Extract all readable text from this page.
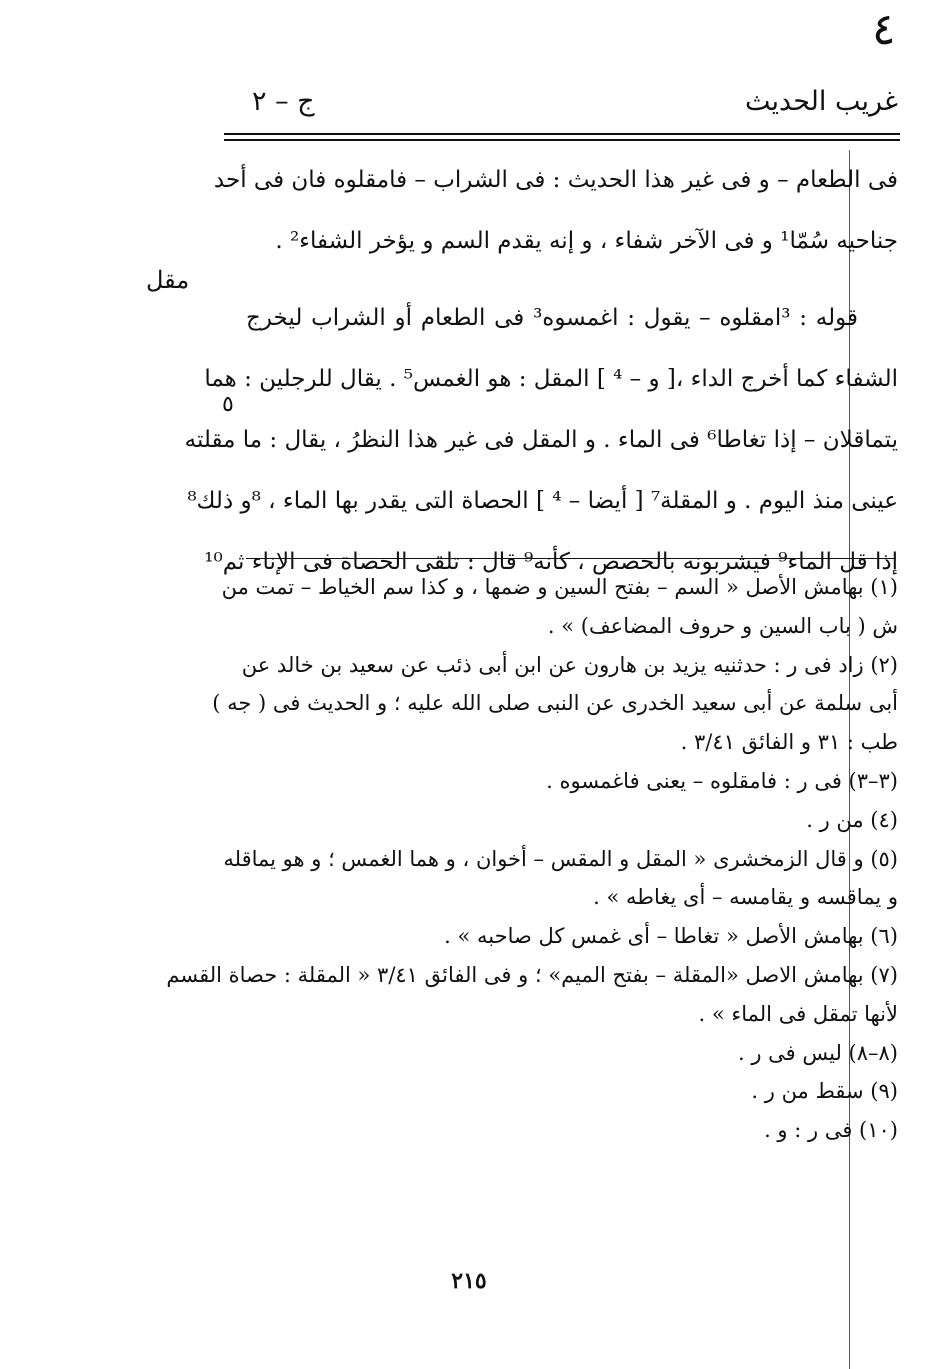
٤
غريب الحديث
ج – ٢
مقل
٥
فى الطعام – و فى غير هذا الحديث : فى الشراب – فامقلوه فان فى أحد
جناحيه سُمّا¹ و فى الآخر شفاء ، و إنه يقدم السم و يؤخر الشفاء² .
قوله : ³امقلوه – يقول : اغمسوه³ فى الطعام أو الشراب ليخرج
الشفاء كما أخرج الداء ،[ و – ⁴ ] المقل : هو الغمس⁵ . يقال للرجلين : هما
يتماقلان – إذا تغاطا⁶ فى الماء . و المقل فى غير هذا النظرُ ، يقال : ما مقلته
عينى منذ اليوم . و المقلة⁷ [ أيضا – ⁴ ] الحصاة التى يقدر بها الماء ، ⁸و ذلك⁸
إذا قل الماء⁹ فيشربونه بالحصص ، كأنه⁹ قال : تلقى الحصاة فى الإناء ثم¹⁰
(١) بهامش الأصل « السم – بفتح السين و ضمها ، و كذا سم الخياط – تمت من
ش ( باب السين و حروف المضاعف) » .
(٢) زاد فى ر : حدثنيه يزيد بن هارون عن ابن أبى ذئب عن سعيد بن خالد عن
أبى سلمة عن أبى سعيد الخدرى عن النبى صلى الله عليه ؛ و الحديث فى ( جه )
طب : ٣١ و الفائق ٣/٤١ .
(٣–٣) فى ر : فامقلوه – يعنى فاغمسوه .
(٤) من ر .
(٥) و قال الزمخشرى « المقل و المقس – أخوان ، و هما الغمس ؛ و هو يماقله
و يماقسه و يقامسه – أى يغاطه » .
(٦) بهامش الأصل « تغاطا – أى غمس كل صاحبه » .
(٧) بهامش الاصل «المقلة – بفتح الميم» ؛ و فى الفائق ٣/٤١ « المقلة : حصاة القسم
لأنها تمقل فى الماء » .
(٨–٨) ليس فى ر .
(٩) سقط من ر .
(١٠) فى ر : و .
٢١٥
